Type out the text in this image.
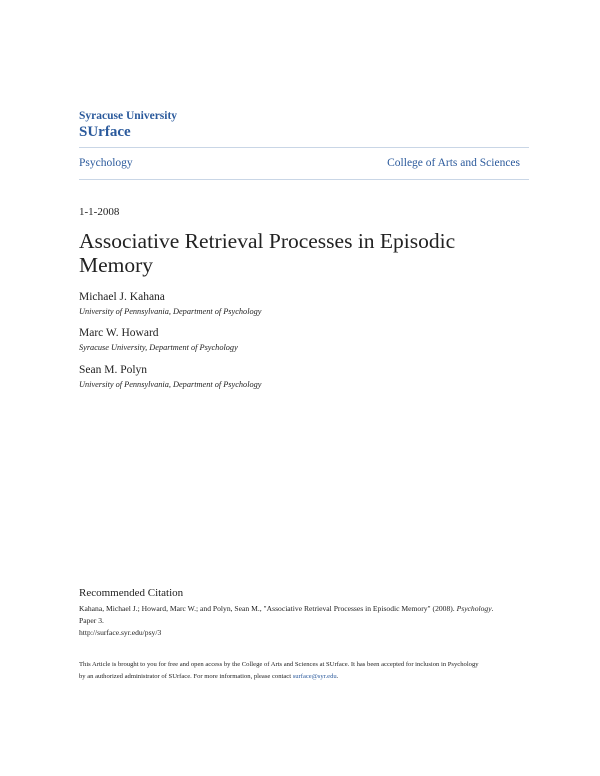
Syracuse University
SUrface
Psychology	College of Arts and Sciences
1-1-2008
Associative Retrieval Processes in Episodic Memory
Michael J. Kahana
University of Pennsylvania, Department of Psychology
Marc W. Howard
Syracuse University, Department of Psychology
Sean M. Polyn
University of Pennsylvania, Department of Psychology
Recommended Citation
Kahana, Michael J.; Howard, Marc W.; and Polyn, Sean M., "Associative Retrieval Processes in Episodic Memory" (2008). Psychology.
Paper 3.
http://surface.syr.edu/psy/3
This Article is brought to you for free and open access by the College of Arts and Sciences at SUrface. It has been accepted for inclusion in Psychology
by an authorized administrator of SUrface. For more information, please contact surface@syr.edu.
